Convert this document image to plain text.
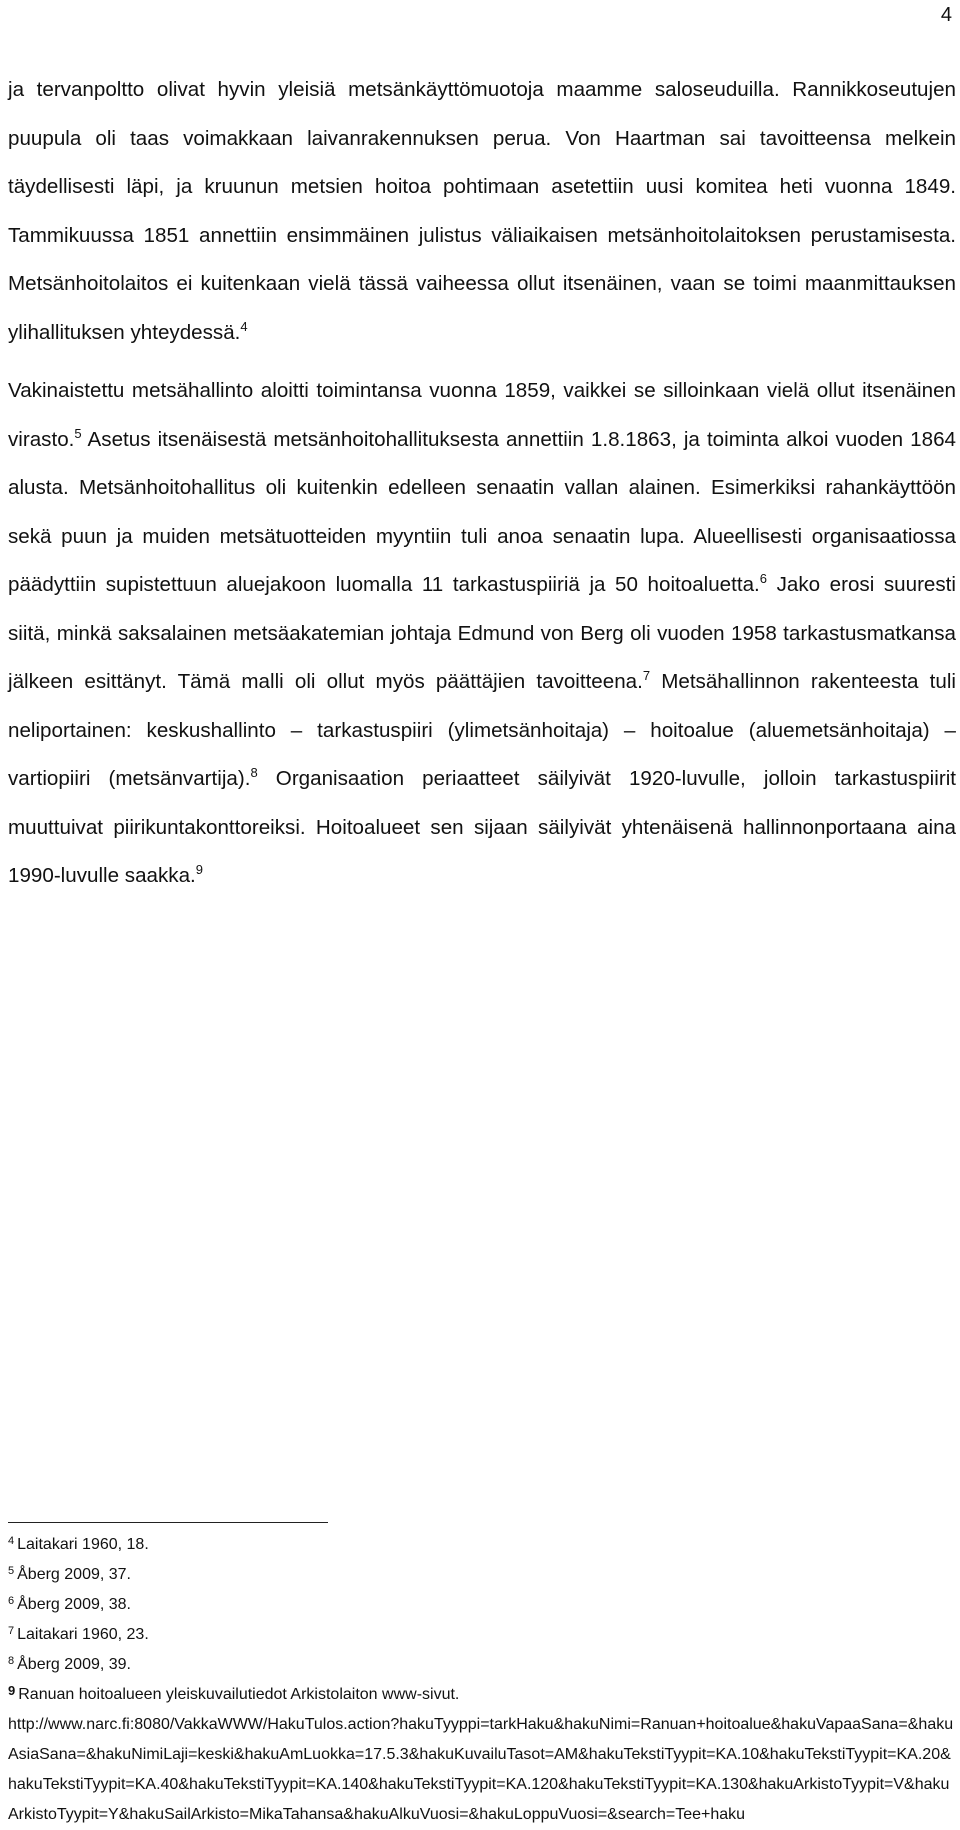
4

ja tervanpoltto olivat hyvin yleisiä metsänkäyttömuotoja maamme saloseuduilla. Rannikkoseutujen puupula oli taas voimakkaan laivanrakennuksen perua. Von Haartman sai tavoitteensa melkein täydellisesti läpi, ja kruunun metsien hoitoa pohtimaan asetettiin uusi komitea heti vuonna 1849. Tammikuussa 1851 annettiin ensimmäinen julistus väliaikaisen metsänhoitolaitoksen perustamisesta. Metsänhoitolaitos ei kuitenkaan vielä tässä vaiheessa ollut itsenäinen, vaan se toimi maanmittauksen ylihallituksen yhteydessä.$^4$

Vakinaistettu metsähallinto aloitti toimintansa vuonna 1859, vaikkei se silloinkaan vielä ollut itsenäinen virasto.$^5$ Asetus itsenäisestä metsänhoitohallituksesta annettiin 1.8.1863, ja toiminta alkoi vuoden 1864 alusta. Metsänhoitohallitus oli kuitenkin edelleen senaatin vallan alainen. Esimerkiksi rahankäyttöön sekä puun ja muiden metsätuotteiden myyntiin tuli anoa senaatin lupa. Alueellisesti organisaatiossa päädyttiin supistettuun aluejakoon luomalla 11 tarkastuspiiriä ja 50 hoitoaluetta.$^6$ Jako erosi suuresti siitä, minkä saksalainen metsäakatemian johtaja Edmund von Berg oli vuoden 1958 tarkastusmatkansa jälkeen esittänyt. Tämä malli oli ollut myös päättäjien tavoitteena.$^7$ Metsähallinnon rakenteesta tuli neliportainen: keskushallinto – tarkastuspiiri (ylimetsänhoitaja) – hoitoalue (aluemetsänhoitaja) – vartiopiiri (metsänvartija).$^8$ Organisaation periaatteet säilyivät 1920-luvulle, jolloin tarkastuspiirit muuttuivat piirikuntakonttoreiksi. Hoitoalueet sen sijaan säilyivät yhtenäisenä hallinnonportaana aina 1990-luvulle saakka.$^9$

$^4$ Laitakari 1960, 18.

$^5$ Åberg 2009, 37.

$^6$ Åberg 2009, 38.

$^7$ Laitakari 1960, 23.

$^8$ Åberg 2009, 39.

$^9$ Ranuan hoitoalueen yleiskuvailutiedot Arkistolaiton www-sivut.

http://www.narc.fi:8080/VakkaWWW/HakuTulos.action?hakuTyyppi=tarkHaku&hakuNimi=Ranuan+hoitoalue&hakuVapaaSana=&hakuAsiaSana=&hakuNimiLaji=keski&hakuAmLuokka=17.5.3&hakuKuvailuTasot=AM&hakuTekstiTyypit=KA.10&hakuTekstiTyypit=KA.20&hakuTekstiTyypit=KA.40&hakuTekstiTyypit=KA.140&hakuTekstiTyypit=KA.120&hakuTekstiTyypit=KA.130&hakuArkistoTyypit=V&hakuArkistoTyypit=Y&hakuSailArkisto=MikaTahansa&hakuAlkuVuosi=&hakuLoppuVuosi=&search=Tee+haku
